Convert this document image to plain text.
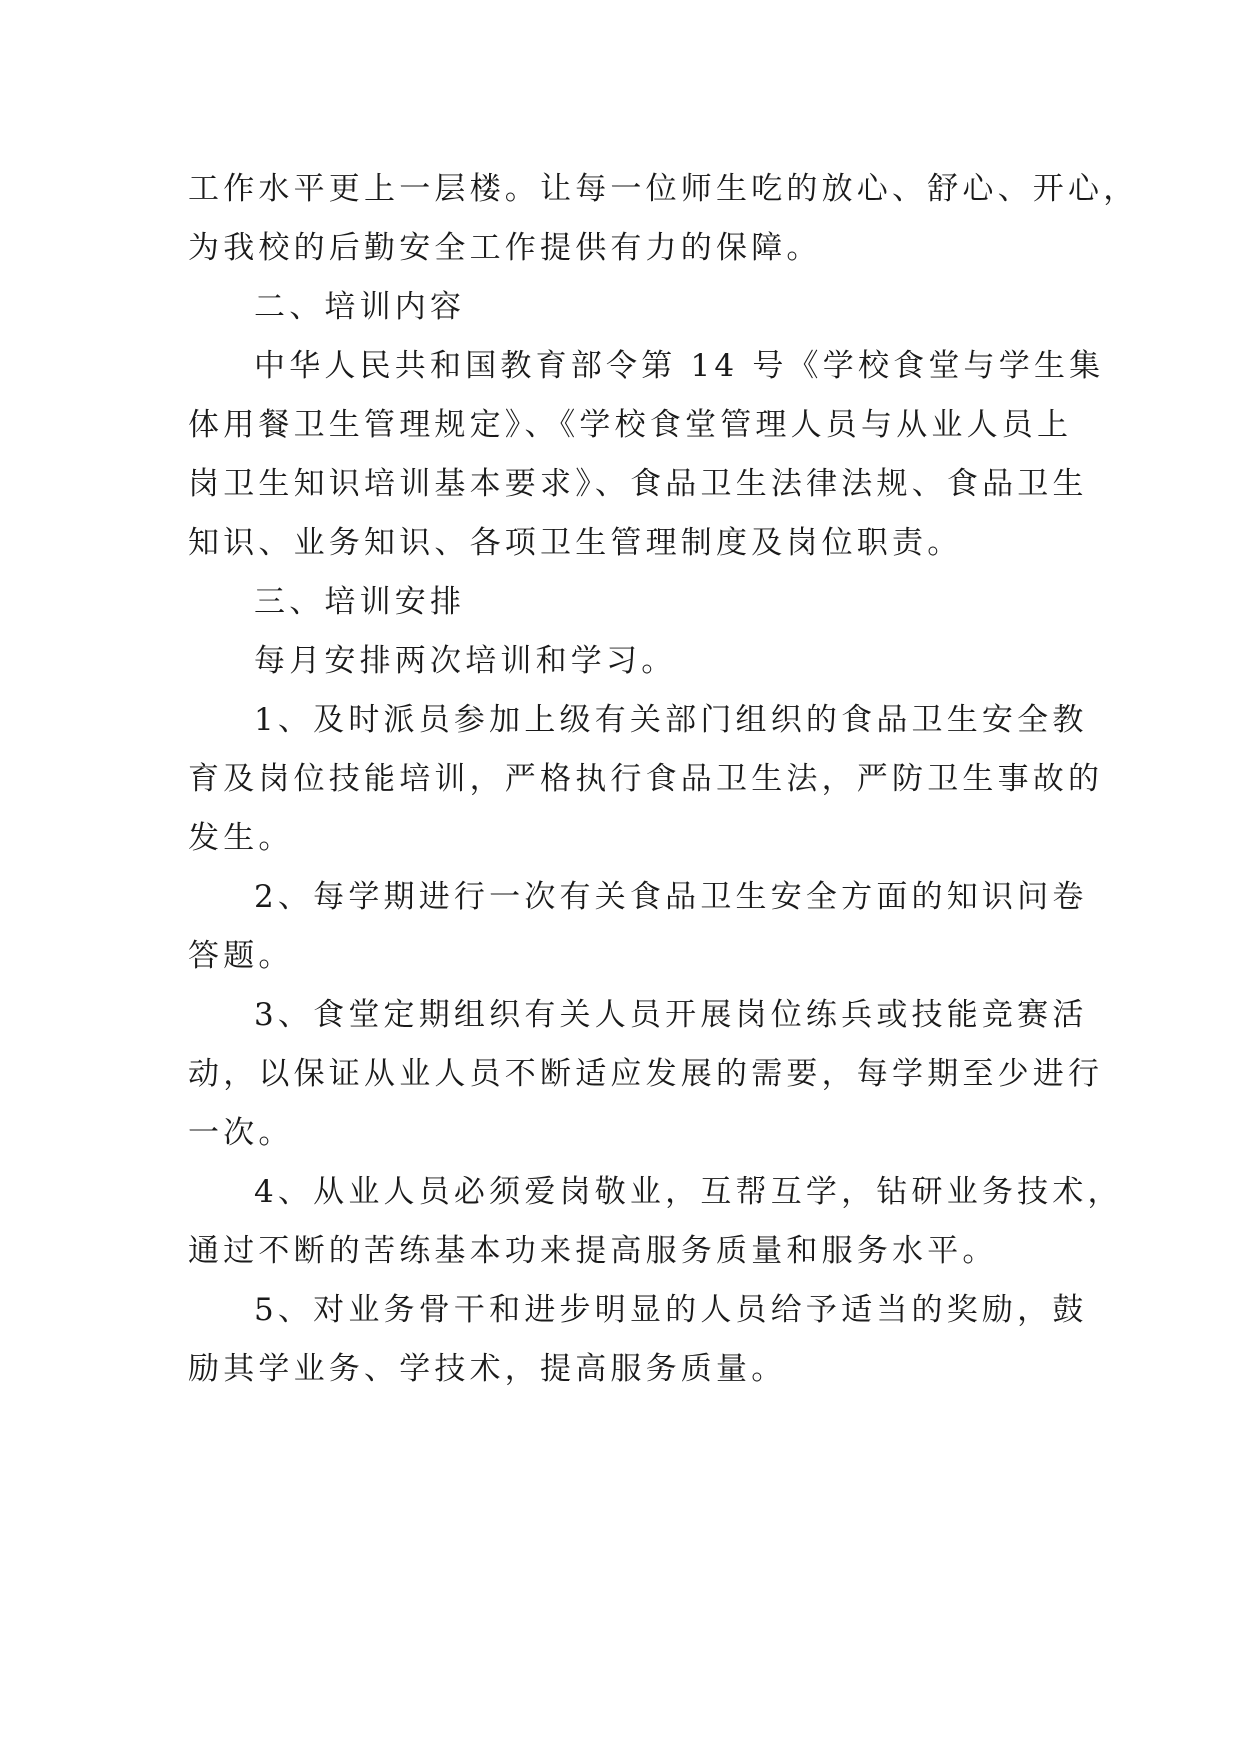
工作水平更上一层楼。让每一位师生吃的放心、舒心、开心，
为我校的后勤安全工作提供有力的保障。
二、培训内容
中华人民共和国教育部令第 14 号《学校食堂与学生集
体用餐卫生管理规定》、《学校食堂管理人员与从业人员上
岗卫生知识培训基本要求》、食品卫生法律法规、食品卫生
知识、业务知识、各项卫生管理制度及岗位职责。
三、培训安排
每月安排两次培训和学习。
1、及时派员参加上级有关部门组织的食品卫生安全教
育及岗位技能培训，严格执行食品卫生法，严防卫生事故的
发生。
2、每学期进行一次有关食品卫生安全方面的知识问卷
答题。
3、食堂定期组织有关人员开展岗位练兵或技能竞赛活
动，以保证从业人员不断适应发展的需要，每学期至少进行
一次。
4、从业人员必须爱岗敬业，互帮互学，钻研业务技术，
通过不断的苦练基本功来提高服务质量和服务水平。
5、对业务骨干和进步明显的人员给予适当的奖励，鼓
励其学业务、学技术，提高服务质量。
